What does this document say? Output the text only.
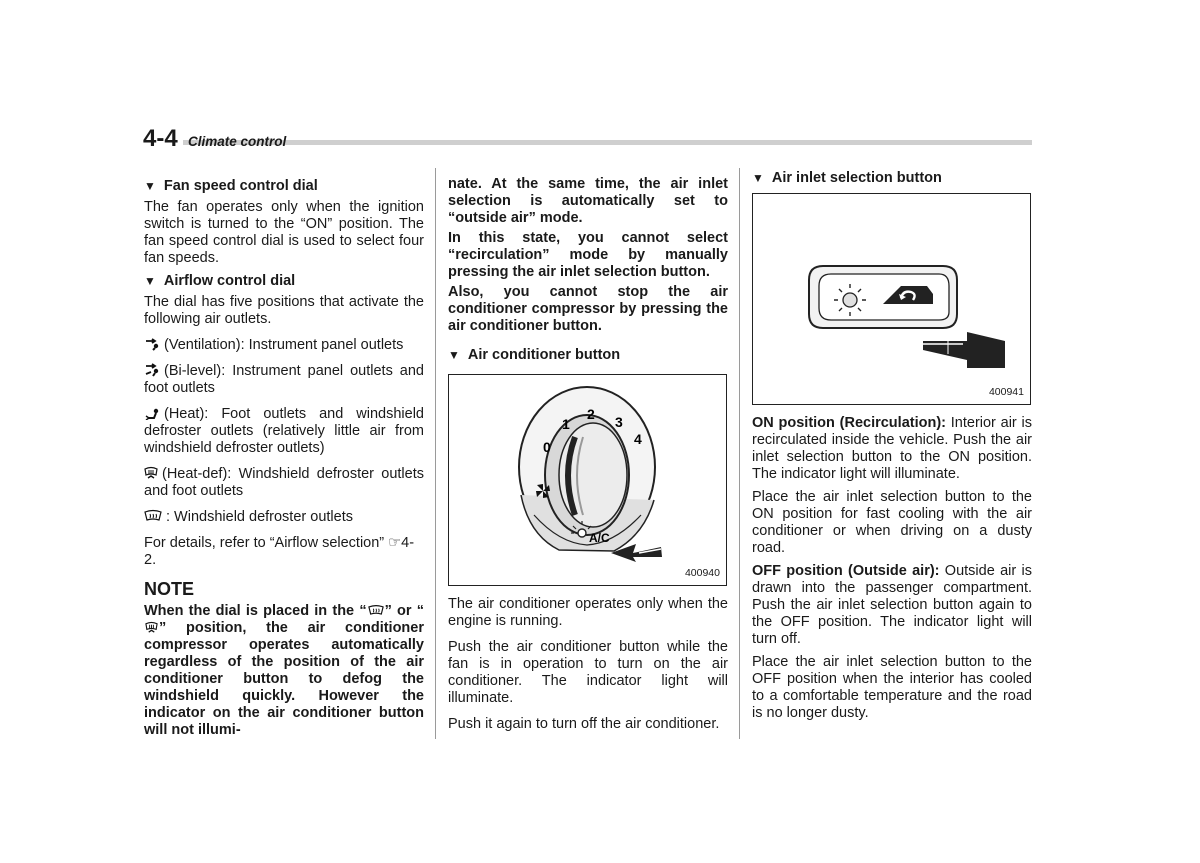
4-4 Climate control

▼ Fan speed control dial

The fan operates only when the ignition switch is turned to the “ON” position. The fan speed control dial is used to select four fan speeds.

▼ Airflow control dial

The dial has five positions that activate the following air outlets.

(Ventilation): Instrument panel outlets

(Bi-level): Instrument panel outlets and foot outlets

(Heat): Foot outlets and windshield defroster outlets (relatively little air from windshield defroster outlets)

(Heat-def): Windshield defroster outlets and foot outlets

: Windshield defroster outlets

For details, refer to “Airflow selection” ☞4-2.

NOTE

When the dial is placed in the “ ” or “” position, the air conditioner compressor operates automatically regardless of the position of the air conditioner button to defog the windshield quickly. However the indicator on the air conditioner button will not illumi-

nate. At the same time, the air inlet selection is automatically set to “outside air” mode.

In this state, you cannot select “recirculation” mode by manually pressing the air inlet selection button.

Also, you cannot stop the air conditioner compressor by pressing the air conditioner button.

▼ Air conditioner button

0
1
2 3
4
A/C
400940

The air conditioner operates only when the engine is running.

Push the air conditioner button while the fan is in operation to turn on the air conditioner. The indicator light will illuminate.

Push it again to turn off the air conditioner.

▼ Air inlet selection button

400941

ON position (Recirculation): Interior air is recirculated inside the vehicle. Push the air inlet selection button to the ON position. The indicator light will illuminate.

Place the air inlet selection button to the ON position for fast cooling with the air conditioner or when driving on a dusty road.

OFF position (Outside air): Outside air is drawn into the passenger compartment. Push the air inlet selection button again to the OFF position. The indicator light will turn off.

Place the air inlet selection button to the OFF position when the interior has cooled to a comfortable temperature and the road is no longer dusty.
